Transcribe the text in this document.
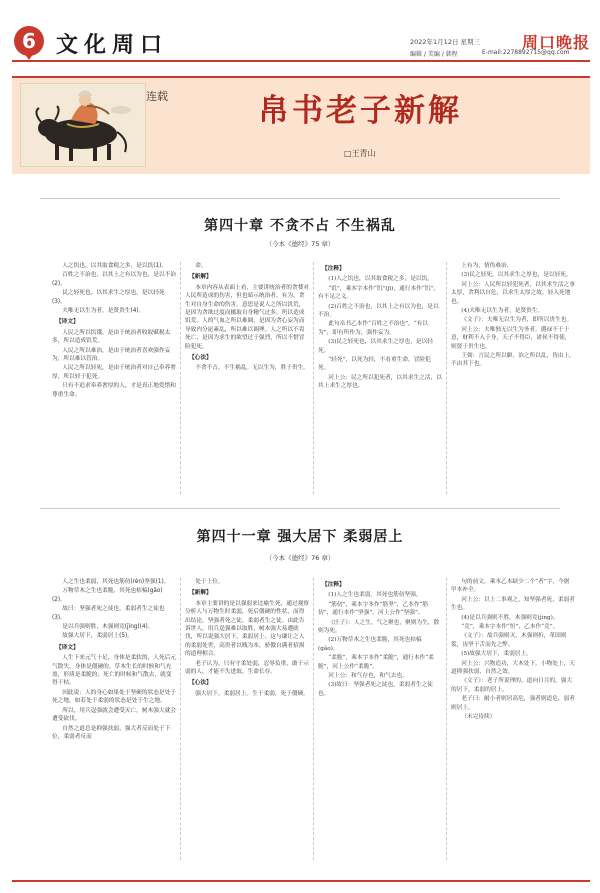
6 文化周口	2022年1月12日 星期三	周口晚报
编辑 / 美编 / 韩程	E-mail:2278892715@qq.com
连载	帛书老子新解
□王青山
第四十章 不贪不占 不生祸乱
（今本《德经》75 章）

人之饥也，以其取食税之多，是以饥(1)。

百姓之不治也，以其上之有以为也，是以不治(2)。

民之轻死也，以其求生之厚也，是以轻死(3)。

夫唯无以生为者，是贤贵生(4)。

【译文】

人民之所以饥饿，是由于统治者收取赋税太多，所以造成饥荒。

人民之所以难治，是由于统治者喜欢强作妄为，所以难以管治。

人民之所以轻死，是由于统治者对自己奉养奢厚，所以轻于犯死。

只有不追求奉养奢厚的人，才是真正地爱惜和尊重生命。

命。

【新解】

本章内容从表面上看，主要讲统治者的贪婪对人民所造成的伤害，但也暗示统治者，有为、贪生对自身生命的伤害。意思是说人之所以饥荒，是因为贪欲过度而摄取自身精气过多，所以造成饥荒。人的气血之所以难调，是因为贪心妄为而导致内分泌紊乱，所以难以调理。人之所以不畏死亡，是因为求生的欲望过于强烈，所以不惜冒险犯死。

【心法】

不贪不占，不生祸乱。无以生为，胜于贵生。

【注释】

(1)人之饥也，以其取食税之多，是以饥。

“饥”，乘本字本作“饥”(jī)，通行本作“饥”，有不足之义。

(2)百姓之不治也，以其上之有以为也，是以不治。

此句帛书乙本作“百姓之不治也”，“有以为”，即有所作为，强作妄为。

(3)民之轻死也，以其求生之厚也，是以轻死。

“轻死”，以死为轻，不看重生命，冒险犯死。

河上公：民之所以犯死者，以其求生之活，以其上求生之厚也。

上有为，情伪难治。

(3)民之轻死，以其求生之厚也，是以轻死。

河上公：人民所以轻犯死者，以其求生活之事太厚，贪利以自危，以求生太厚之故，轻入死地也。

(4)夫唯无以生为者，是贤贵生。

《文子》：夫唯无以生为者，即所以贵生也。

河上公：夫唯独无以生为务者，爵禄不干于意，财利不入于身，天子不得臣，诸侯不得使，则贤于贵生也。

王弼：言民之所以僻，治之所以乱，皆由上，不由其下也。

第四十一章 强大居下 柔弱居上
（今本《德经》76 章）

人之生也柔弱，其死也筋仞(rèn)坚强(1)。

万物草木之生也柔脆，其死也枯槁(gǎo)(2)。

故曰：坚强者死之徒也，柔弱者生之徒也(3)。

是以兵强则胜，木强则竞(jìng)(4)。

故强大居下，柔弱居上(5)。

【译文】

人生下来元气十足，身体是柔软的，人死后元气散失，身体是僵硬的。草木生长的时候和气充盈，形质是柔脆的；死亡的时候和气散去，就变得干枯。

因此说：人的身心如果处于坚硬的状态是处于死之地，如若处于柔弱的状态是处于生之地。

所以，用兵逞强就会遭受灭亡，树木强大就会遭受砍伐。

自然之道总是抑强扶弱，强大者反而处于下位，柔弱者反而

处于上位。

【新解】

本章主要讲的是以强弱来比喻生死，通过观察分析人与万物生时柔弱，死后僵硬的性状，而得出结论，坚强者死之徒，柔弱者生之徒。由此告诉世人，用兵逞强难以取胜，树木强大易遭砍伐，所以说强大居下，柔弱居上。这与谦让之人的柔弱处世，高贵者以贱为本，骄傲自满者招损的道理相合。

老子认为，只有守柔处弱，忍辱负重，敢于示弱的人，才能不失进取，生命长存。

【心法】

强大居下，柔弱居上。生于柔弱，死于僵硬。

【注释】

(1)人之生也柔弱，其死也筋仞坚强。

“筋仞”，乘本字本作“筋坚”，乙本作“筋仞”，通行本作“坚强”。河上公作“坚强”。

《庄子》：人之生，气之聚也，聚则为生，散则为死。

(2)万物草木之生也柔脆，其死也枯槁(gǎo)。

“柔脆”，乘本字本作“柔脆”，通行本作“柔脆”，河上公作“柔脆”。

河上公：和气存也，和气去也。

(3)故曰：坚强者死之徒也，柔弱者生之徒也。

句的前文，乘本乙本缺少二个“者”字，今据甲本补全。

河上公：以上二事观之，知坚强者死，柔弱者生也。

(4)是以兵强则不胜，木强则竞(jìng)。

“竞”，乘本字本作“恒”，乙本作“竞”。

《文子》：故兵强则灭，木强则折，革固则裂，齿坚于舌而先之弊。

(5)故强大居下，柔弱居上。

河上公：兴物造功，大木处下，小物处上，天道抑强扶弱，自然之效。

《文子》：老子所说理的，道向日月的，强大的居下，柔弱的居上。

老子曰：耐小者则居高危，强者则道危，弱者则居上。

（未完待续）
